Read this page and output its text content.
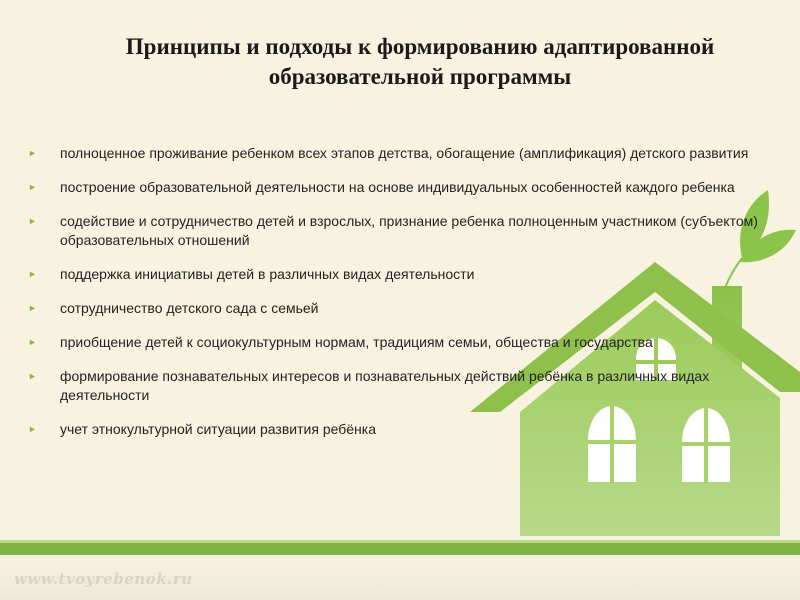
Принципы и подходы к формированию адаптированной
образовательной программы
► полноценное проживание ребенком всех этапов детства, обогащение (амплификация) детского развития
► построение образовательной деятельности на основе индивидуальных особенностей каждого ребенка
► содействие и сотрудничество детей и взрослых, признание ребенка полноценным участником (субъектом) образовательных отношений
► поддержка инициативы детей в различных видах деятельности
► сотрудничество детского сада с семьей
► приобщение детей к социокультурным нормам, традициям семьи, общества и государства
► формирование познавательных интересов и познавательных действий ребёнка в различных видах деятельности
► учет этнокультурной ситуации развития ребёнка
www.tvoyrebenok.ru
